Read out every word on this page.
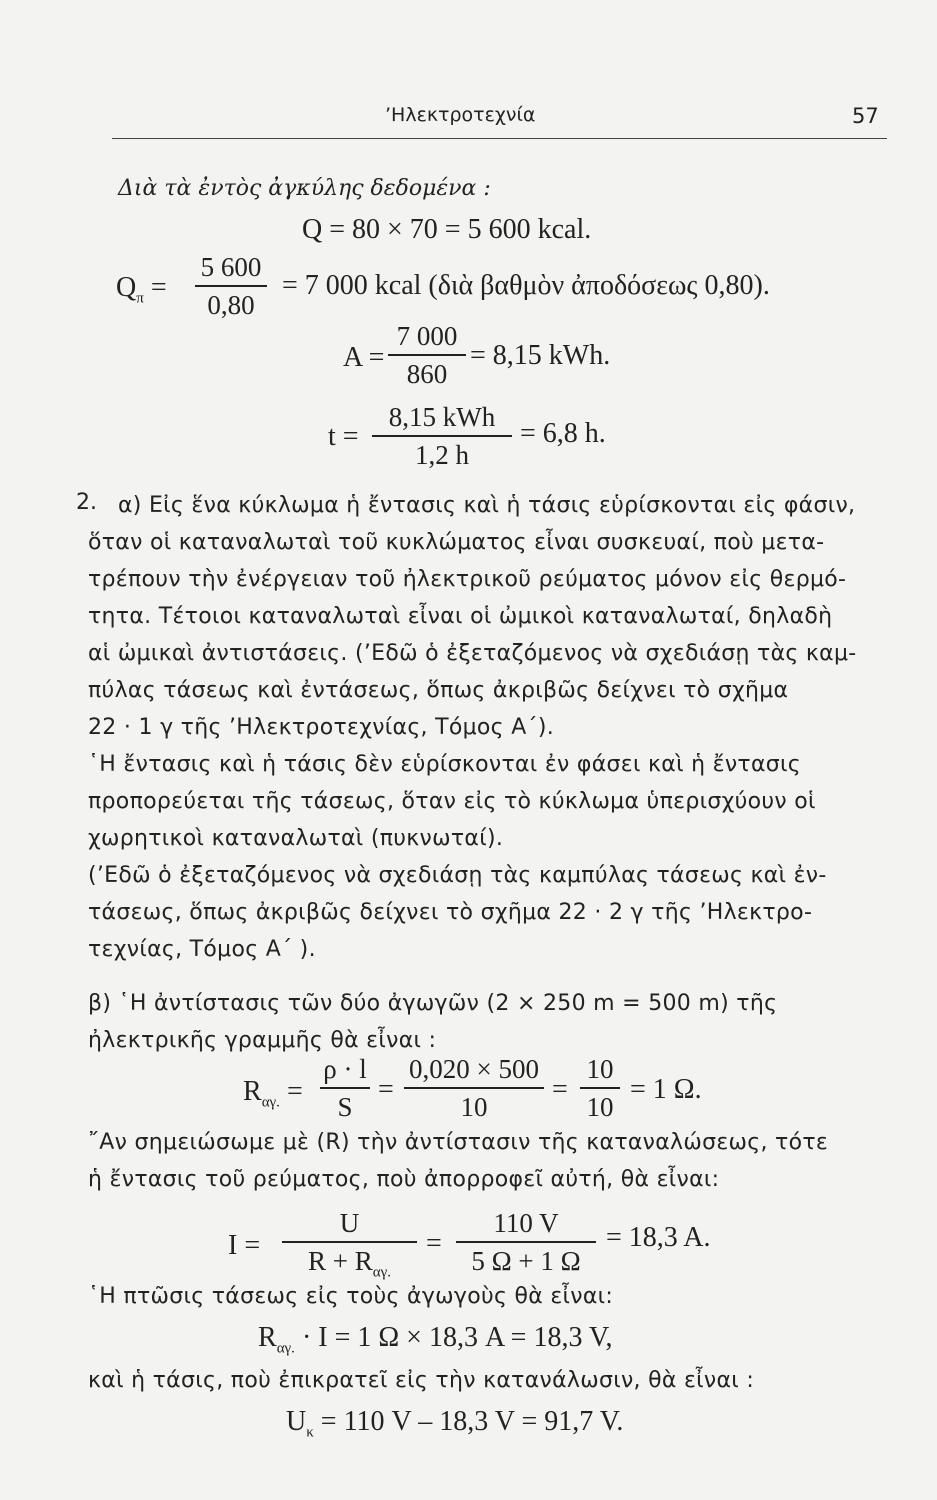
’Ηλεκτροτεχνία	57
Διὰ τὰ ἐντὸς ἀγκύλης δεδομένα :
Q = 80 × 70 = 5 600 kcal.
$Q_\pi$ =
5 600
0,80
= 7 000 kcal (διὰ βαθμὸν ἀποδόσεως 0,80).
A =
7 000
860
= 8,15 kWh.
t =
8,15 kWh
1,2 h
= 6,8 h.
2. α) Εἰς ἕνα κύκλωμα ἡ ἔντασις καὶ ἡ τάσις εὑρίσκονται εἰς φάσιν,
ὅταν οἱ καταναλωταὶ τοῦ κυκλώματος εἶναι συσκευαί, ποὺ μετα-
τρέπουν τὴν ἐνέργειαν τοῦ ἠλεκτρικοῦ ρεύματος μόνον εἰς θερμό-
τητα. Τέτοιοι καταναλωταὶ εἶναι οἱ ὠμικοὶ καταναλωταί, δηλαδὴ
αἱ ὠμικαὶ ἀντιστάσεις. (’Εδῶ ὁ ἐξεταζόμενος νὰ σχεδιάσῃ τὰς καμ-
πύλας τάσεως καὶ ἐντάσεως, ὅπως ἀκριβῶς δείχνει τὸ σχῆμα
22 · 1 γ τῆς ’Ηλεκτροτεχνίας, Τόμος Α΄).
῾Η ἔντασις καὶ ἡ τάσις δὲν εὑρίσκονται ἐν φάσει καὶ ἡ ἔντασις
προπορεύεται τῆς τάσεως, ὅταν εἰς τὸ κύκλωμα ὑπερισχύουν οἱ
χωρητικοὶ καταναλωταὶ (πυκνωταί).
(’Εδῶ ὁ ἐξεταζόμενος νὰ σχεδιάσῃ τὰς καμπύλας τάσεως καὶ ἐν-
τάσεως, ὅπως ἀκριβῶς δείχνει τὸ σχῆμα 22 · 2 γ τῆς ’Ηλεκτρο-
τεχνίας, Τόμος Α΄ ).
β) ῾Η ἀντίστασις τῶν δύο ἀγωγῶν (2 × 250 m = 500 m) τῆς
ἠλεκτρικῆς γραμμῆς θὰ εἶναι :
$R_{\alpha\gamma.}$ =
ρ · l
S
=
0,020 × 500
10
=
10
10
= 1 Ω.
῎Αν σημειώσωμε μὲ (R) τὴν ἀντίστασιν τῆς καταναλώσεως, τότε
ἡ ἔντασις τοῦ ρεύματος, ποὺ ἀπορροφεῖ αὐτή, θὰ εἶναι:
I =
U
$R + R_{\alpha\gamma.}$
=
110 V
5 Ω + 1 Ω
= 18,3 A.
῾Η πτῶσις τάσεως εἰς τοὺς ἀγωγοὺς θὰ εἶναι:
$R_{\alpha\gamma.} \cdot I = 1$ Ω × 18,3 A = 18,3 V,
καὶ ἡ τάσις, ποὺ ἐπικρατεῖ εἰς τὴν κατανάλωσιν, θὰ εἶναι :
$U_\kappa = 110$ V – 18,3 V = 91,7 V.
